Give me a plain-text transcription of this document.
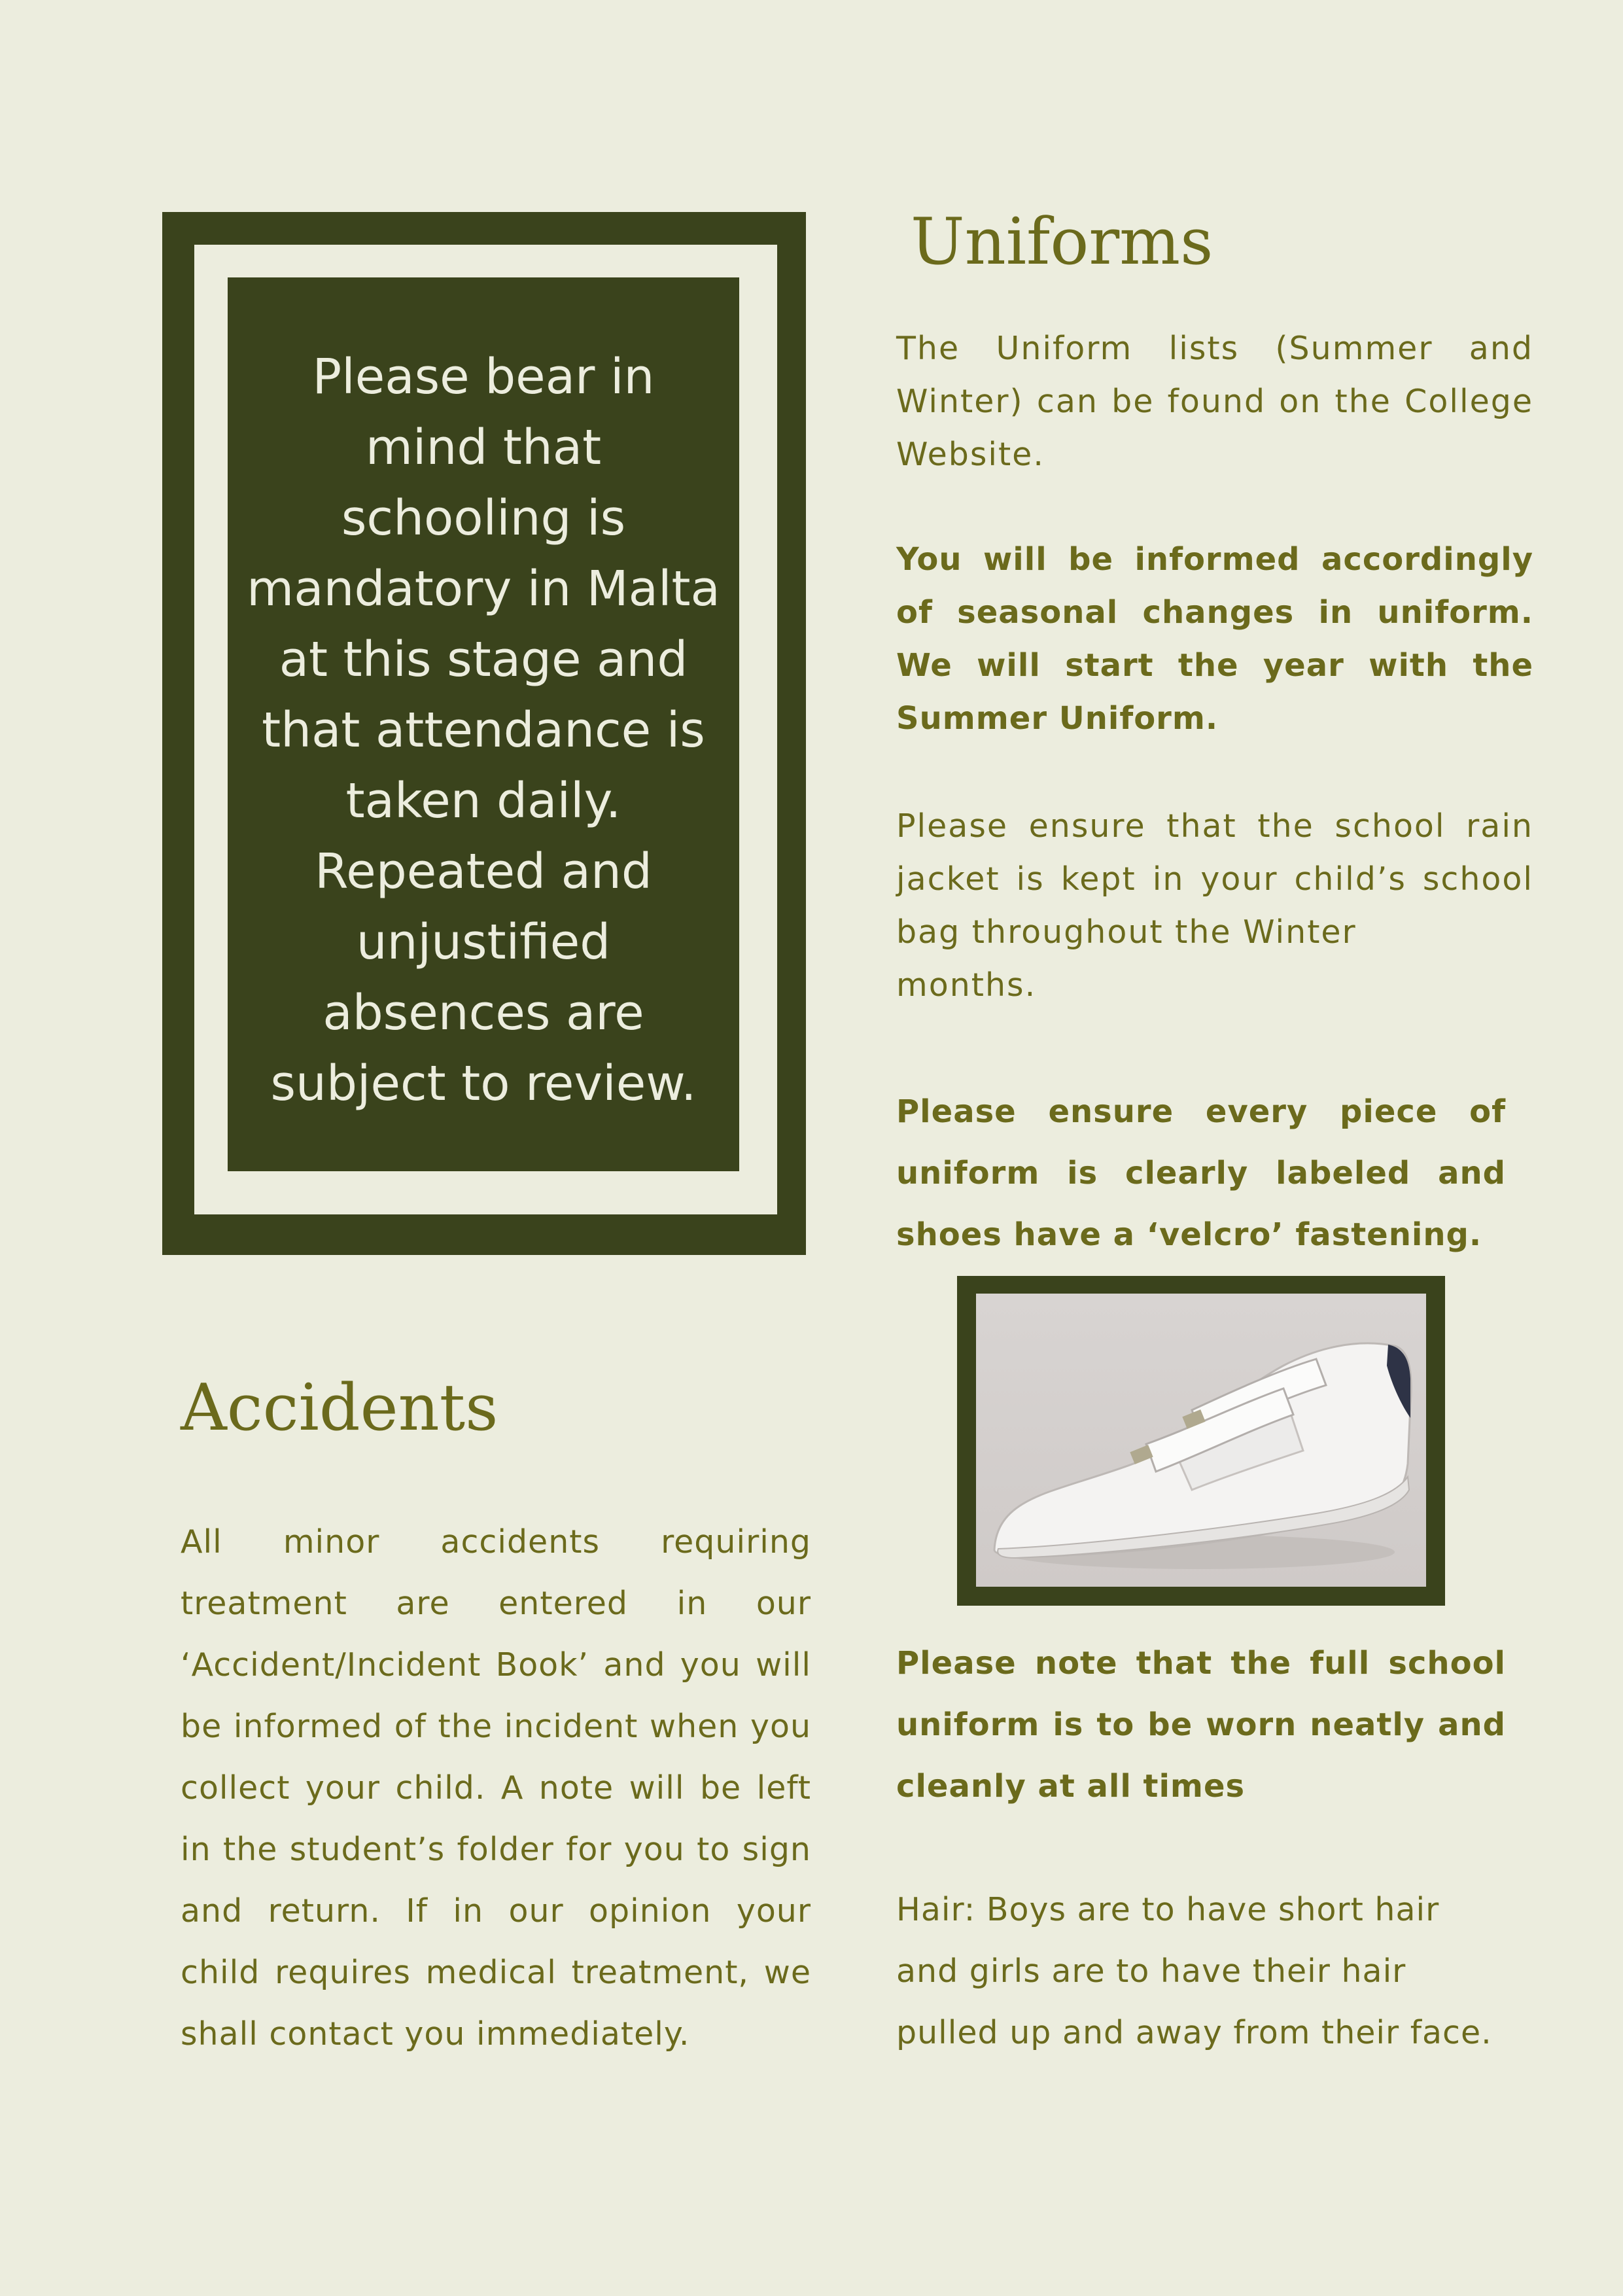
Please bear in
mind that
schooling is
mandatory in Malta
at this stage and
that attendance is
taken daily.
Repeated and
unjustified
absences are
subject to review.
Uniforms

The Uniform lists (Summer and Winter) can be found on the College Website.

You will be informed accordingly of seasonal changes in uniform. We will start the year with the Summer Uniform.

Please ensure that the school rain jacket is kept in your child’s school bag throughout the Winter
months.

Please ensure every piece of uniform is clearly labeled and shoes have a ‘velcro’ fastening.

Please note that the full school uniform is to be worn neatly and cleanly at all times

Hair: Boys are to have short hair and girls are to have their hair pulled up and away from their face.

Accidents

All minor accidents requiring treatment are entered in our ‘Accident/Incident Book’ and you will be informed of the incident when you collect your child. A note will be left in the student’s folder for you to sign and return. If in our opinion your child requires medical treatment, we shall contact you immediately.
